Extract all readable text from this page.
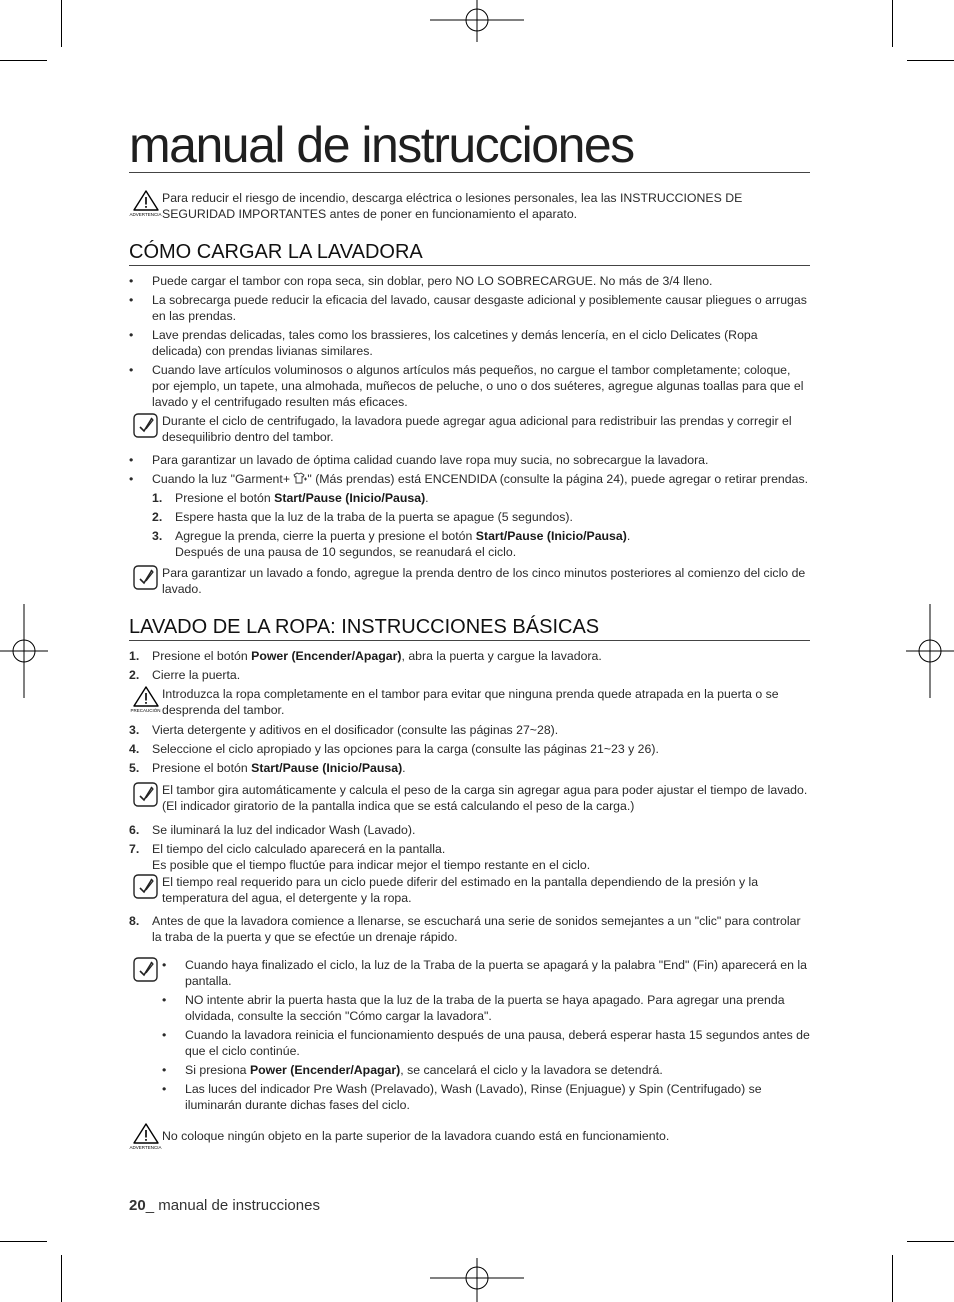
manual de instrucciones
ADVERTENCIA
Para reducir el riesgo de incendio, descarga eléctrica o lesiones personales, lea las INSTRUCCIONES DE SEGURIDAD IMPORTANTES antes de poner en funcionamiento el aparato.
CÓMO CARGAR LA LAVADORA
• Puede cargar el tambor con ropa seca, sin doblar, pero NO LO SOBRECARGUE. No más de 3/4 lleno.
• La sobrecarga puede reducir la eficacia del lavado, causar desgaste adicional y posiblemente causar pliegues o arrugas en las prendas.
• Lave prendas delicadas, tales como los brassieres, los calcetines y demás lencería, en el ciclo Delicates (Ropa delicada) con prendas livianas similares.
• Cuando lave artículos voluminosos o algunos artículos más pequeños, no cargue el tambor completamente; coloque, por ejemplo, un tapete, una almohada, muñecos de peluche, o uno o dos suéteres, agregue algunas toallas para que el lavado y el centrifugado resulten más eficaces.
Durante el ciclo de centrifugado, la lavadora puede agregar agua adicional para redistribuir las prendas y corregir el desequilibrio dentro del tambor.
• Para garantizar un lavado de óptima calidad cuando lave ropa muy sucia, no sobrecargue la lavadora.
• Cuando la luz "Garment+ " (Más prendas) está ENCENDIDA (consulte la página 24), puede agregar o retirar prendas.
1. Presione el botón Start/Pause (Inicio/Pausa).
2. Espere hasta que la luz de la traba de la puerta se apague (5 segundos).
3. Agregue la prenda, cierre la puerta y presione el botón Start/Pause (Inicio/Pausa).
Después de una pausa de 10 segundos, se reanudará el ciclo.
Para garantizar un lavado a fondo, agregue la prenda dentro de los cinco minutos posteriores al comienzo del ciclo de lavado.
LAVADO DE LA ROPA: INSTRUCCIONES BÁSICAS
1. Presione el botón Power (Encender/Apagar), abra la puerta y cargue la lavadora.
2. Cierre la puerta.
PRECAUCIÓN
Introduzca la ropa completamente en el tambor para evitar que ninguna prenda quede atrapada en la puerta o se desprenda del tambor.
3. Vierta detergente y aditivos en el dosificador (consulte las páginas 27~28).
4. Seleccione el ciclo apropiado y las opciones para la carga (consulte las páginas 21~23 y 26).
5. Presione el botón Start/Pause (Inicio/Pausa).
El tambor gira automáticamente y calcula el peso de la carga sin agregar agua para poder ajustar el tiempo de lavado. (El indicador giratorio de la pantalla indica que se está calculando el peso de la carga.)
6. Se iluminará la luz del indicador Wash (Lavado).
7. El tiempo del ciclo calculado aparecerá en la pantalla.
Es posible que el tiempo fluctúe para indicar mejor el tiempo restante en el ciclo.
El tiempo real requerido para un ciclo puede diferir del estimado en la pantalla dependiendo de la presión y la temperatura del agua, el detergente y la ropa.
8. Antes de que la lavadora comience a llenarse, se escuchará una serie de sonidos semejantes a un "clic" para controlar la traba de la puerta y que se efectúe un drenaje rápido.
• Cuando haya finalizado el ciclo, la luz de la Traba de la puerta se apagará y la palabra "End" (Fin) aparecerá en la pantalla.
• NO intente abrir la puerta hasta que la luz de la traba de la puerta se haya apagado. Para agregar una prenda olvidada, consulte la sección "Cómo cargar la lavadora".
• Cuando la lavadora reinicia el funcionamiento después de una pausa, deberá esperar hasta 15 segundos antes de que el ciclo continúe.
• Si presiona Power (Encender/Apagar), se cancelará el ciclo y la lavadora se detendrá.
• Las luces del indicador Pre Wash (Prelavado), Wash (Lavado), Rinse (Enjuague) y Spin (Centrifugado) se iluminarán durante dichas fases del ciclo.
ADVERTENCIA
No coloque ningún objeto en la parte superior de la lavadora cuando está en funcionamiento.
20_ manual de instrucciones
